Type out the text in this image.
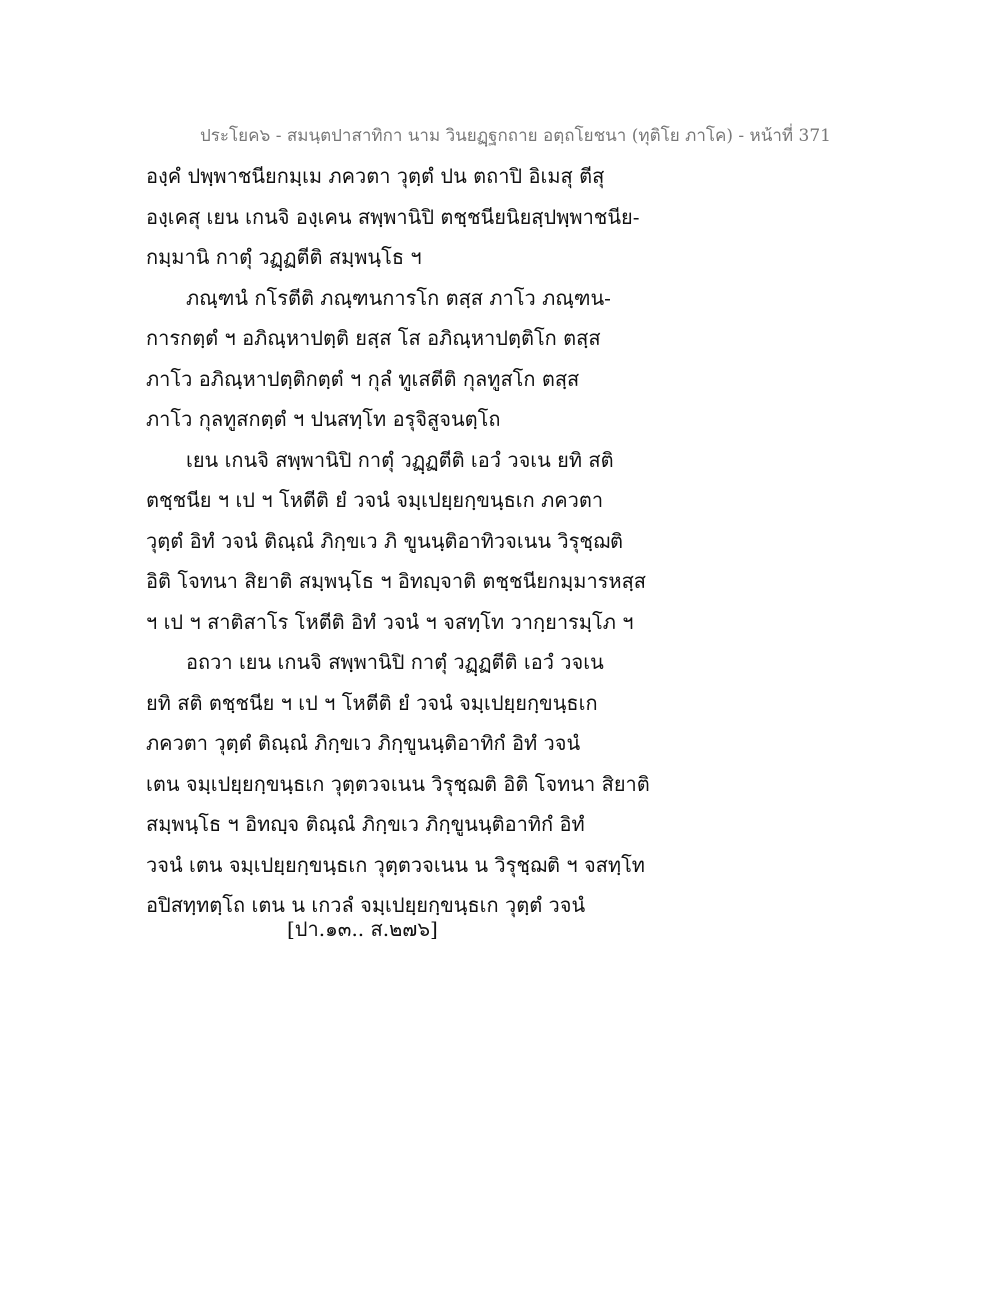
ประโยค๖ - สมนฺตปาสาทิกา นาม วินยฏฺฐกถาย อตฺถโยชนา (ทุติโย ภาโค) - หน้าที่ 371
องฺคํ ปพฺพาชนียกมฺเม ภควตา วุตฺตํ ปน ตถาปิ อิเมสุ ตีสุ
องฺเคสุ เยน เกนจิ องฺเคน สพฺพานิปิ ตชฺชนียนิยสฺปพฺพาชนีย-
กมฺมานิ กาตุํ วฏฺฏตีติ สมฺพนฺโธ ฯ
ภณฺฑนํ กโรตีติ ภณฺฑนการโก ตสฺส ภาโว ภณฺฑน-
การกตฺตํ ฯ อภิณฺหาปตฺติ ยสฺส โส อภิณฺหาปตฺติโก ตสฺส
ภาโว อภิณฺหาปตฺติกตฺตํ ฯ กุลํ ทูเสตีติ กุลทูสโก ตสฺส
ภาโว กุลทูสกตฺตํ ฯ ปนสทฺโท อรุจิสูจนตฺโถ
เยน เกนจิ สพฺพานิปิ กาตุํ วฏฺฏตีติ เอวํ วจเน ยทิ สติ
ตชฺชนีย ฯ เป ฯ โหตีติ ยํ วจนํ จมฺเปยฺยกฺขนฺธเก ภควตา
วุตฺตํ อิทํ วจนํ ติณฺณํ ภิกฺขเว ภิ ขูนนฺติอาทิวจเนน วิรุชฺฌติ
อิติ โจทนา สิยาติ สมฺพนฺโธ ฯ อิทญฺจาติ ตชฺชนียกมฺมารหสฺส
ฯ เป ฯ สาติสาโร โหตีติ อิทํ วจนํ ฯ จสทฺโท วากฺยารมฺโภ ฯ
อถวา เยน เกนจิ สพฺพานิปิ กาตุํ วฏฺฏตีติ เอวํ วจเน
ยทิ สติ ตชฺชนีย ฯ เป ฯ โหตีติ ยํ วจนํ จมฺเปยฺยกฺขนฺธเก
ภควตา วุตฺตํ ติณฺณํ ภิกฺขเว ภิกฺขูนนฺติอาทิกํ อิทํ วจนํ
เตน จมฺเปยฺยกฺขนฺธเก วุตฺตวจเนน วิรุชฺฌติ อิติ โจทนา สิยาติ
สมฺพนฺโธ ฯ อิทญฺจ ติณฺณํ ภิกฺขเว ภิกฺขูนนฺติอาทิกํ อิทํ
วจนํ เตน จมฺเปยฺยกฺขนฺธเก วุตฺตวจเนน น วิรุชฺฌติ ฯ จสทฺโท
อปิสทฺทตฺโถ เตน น เกวลํ จมฺเปยฺยกฺขนฺธเก วุตฺตํ วจนํ
[ปา.๑๓.. ส.๒๗๖]
